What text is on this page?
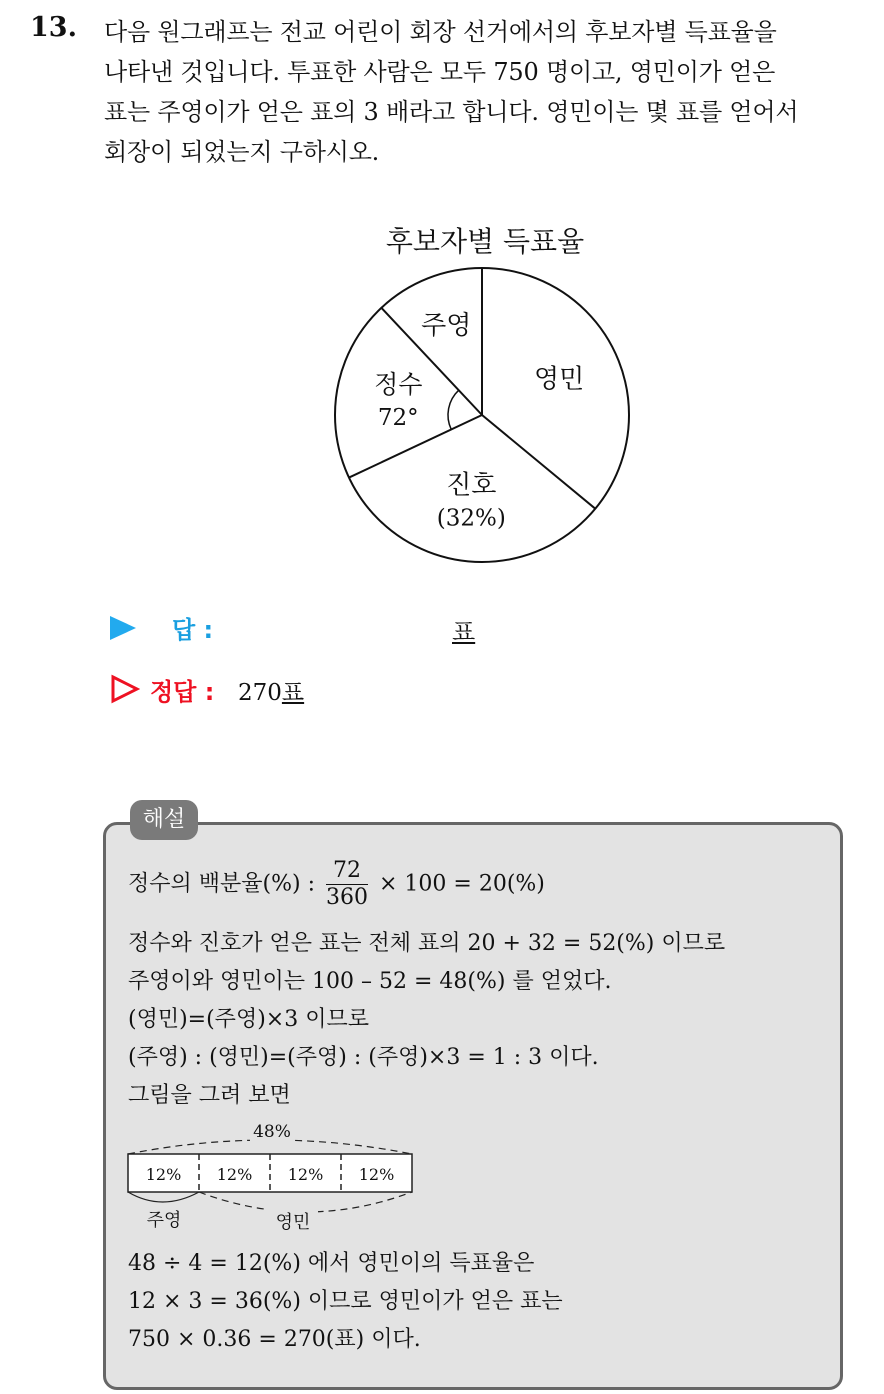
13. 다음 원그래프는 전교 어린이 회장 선거에서의 후보자별 득표율을
나타낸 것입니다. 투표한 사람은 모두 750 명이고, 영민이가 얻은
표는 주영이가 얻은 표의 3 배라고 합니다. 영민이는 몇 표를 얻어서
회장이 되었는지 구하시오.
후보자별 득표율
영민
진호
(32%)
정수
72°
주영
답 :	표
정답 :	270표
해설
정수의 백분율(%) : $\frac{72}{360} \times 100 = 20(\%)$
정수와 진호가 얻은 표는 전체 표의 20 + 32 = 52(%) 이므로
주영이와 영민이는 100 – 52 = 48(%) 를 얻었다.
(영민)=(주영)×3 이므로
(주영) : (영민)=(주영) : (주영)×3 = 1 : 3 이다.
그림을 그려 보면
48%
12%	12%	12%	12%
주영	영민
48 ÷ 4 = 12(%) 에서 영민이의 득표율은
12 × 3 = 36(%) 이므로 영민이가 얻은 표는
750 × 0.36 = 270(표) 이다.
